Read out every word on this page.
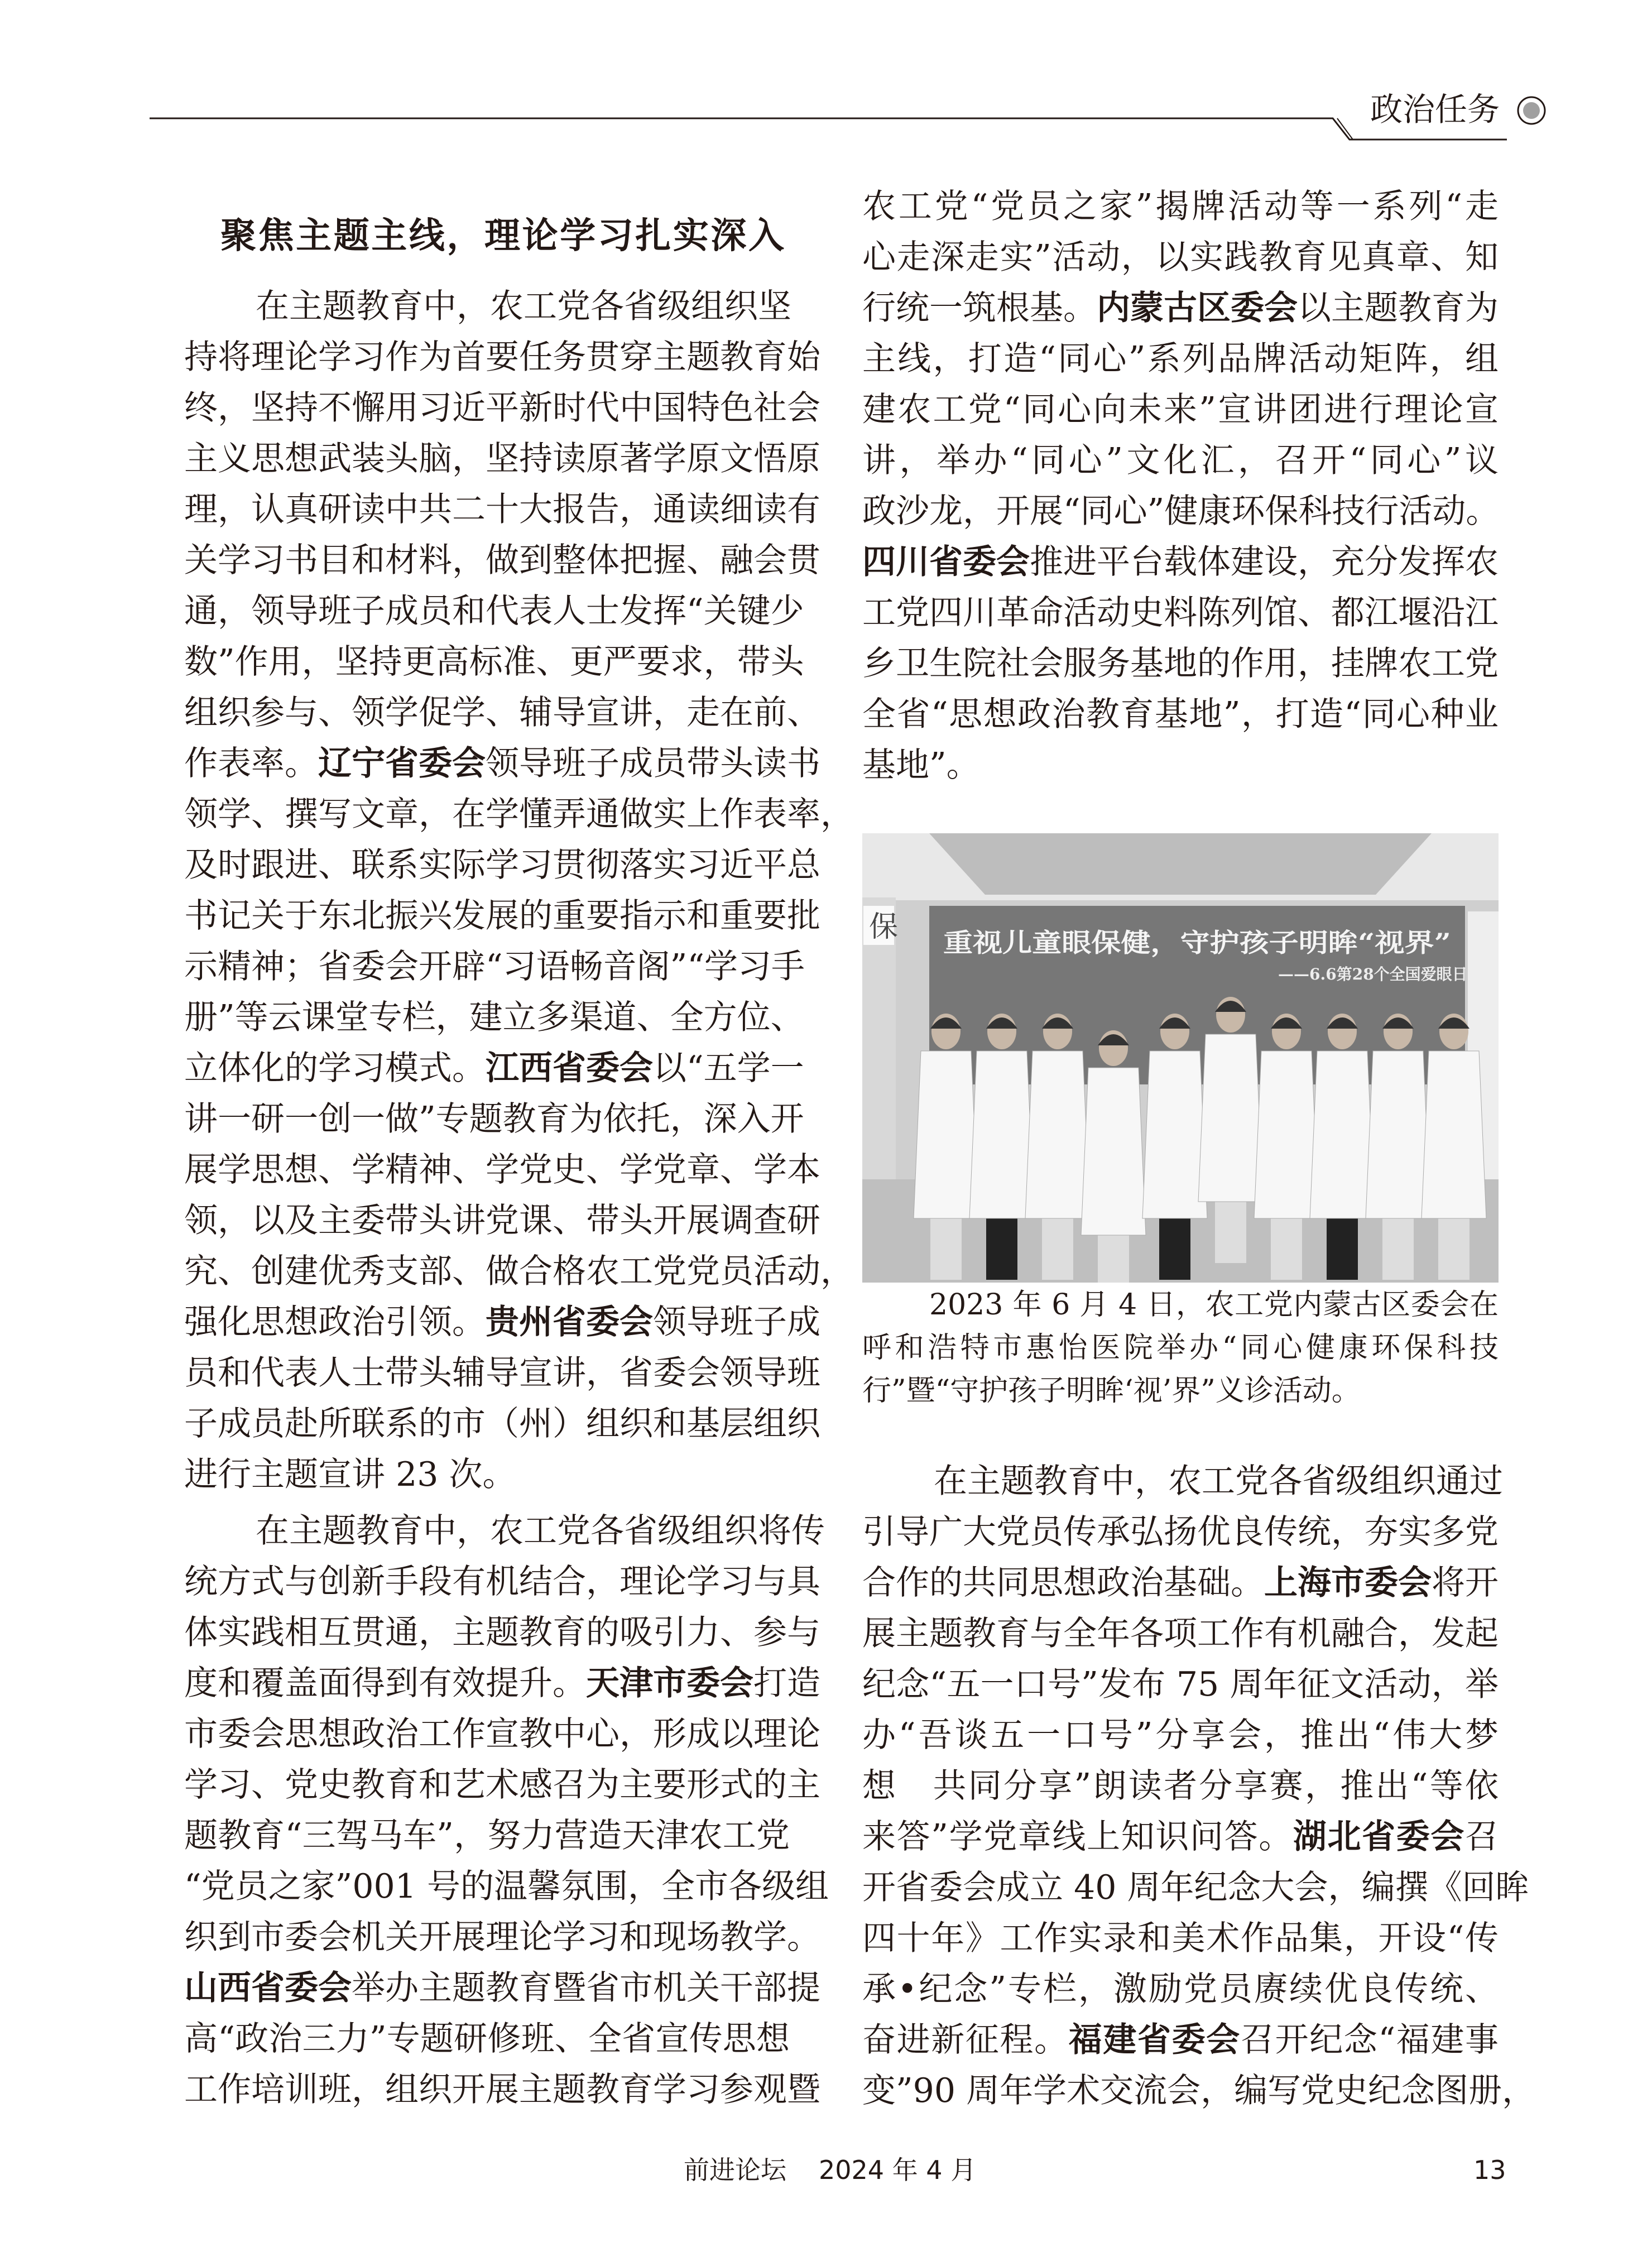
政治任务
聚焦主题主线，理论学习扎实深入
在主题教育中，农工党各省级组织坚
持将理论学习作为首要任务贯穿主题教育始
终，坚持不懈用习近平新时代中国特色社会
主义思想武装头脑，坚持读原著学原文悟原
理，认真研读中共二十大报告，通读细读有
关学习书目和材料，做到整体把握、融会贯
通，领导班子成员和代表人士发挥“关键少
数”作用，坚持更高标准、更严要求，带头
组织参与、领学促学、辅导宣讲，走在前、
作表率。辽宁省委会领导班子成员带头读书
领学、撰写文章，在学懂弄通做实上作表率，
及时跟进、联系实际学习贯彻落实习近平总
书记关于东北振兴发展的重要指示和重要批
示精神；省委会开辟“习语畅音阁”“学习手
册”等云课堂专栏，建立多渠道、全方位、
立体化的学习模式。江西省委会以“五学一
讲一研一创一做”专题教育为依托，深入开
展学思想、学精神、学党史、学党章、学本
领，以及主委带头讲党课、带头开展调查研
究、创建优秀支部、做合格农工党党员活动，
强化思想政治引领。贵州省委会领导班子成
员和代表人士带头辅导宣讲，省委会领导班
子成员赴所联系的市（州）组织和基层组织
进行主题宣讲 23 次。
在主题教育中，农工党各省级组织将传
统方式与创新手段有机结合，理论学习与具
体实践相互贯通，主题教育的吸引力、参与
度和覆盖面得到有效提升。天津市委会打造
市委会思想政治工作宣教中心，形成以理论
学习、党史教育和艺术感召为主要形式的主
题教育“三驾马车”，努力营造天津农工党
“党员之家”001 号的温馨氛围，全市各级组
织到市委会机关开展理论学习和现场教学。
山西省委会举办主题教育暨省市机关干部提
高“政治三力”专题研修班、全省宣传思想
工作培训班，组织开展主题教育学习参观暨
农工党“党员之家”揭牌活动等一系列“走
心走深走实”活动，以实践教育见真章、知
行统一筑根基。内蒙古区委会以主题教育为
主线，打造“同心”系列品牌活动矩阵，组
建农工党“同心向未来”宣讲团进行理论宣
讲，举办“同心”文化汇，召开“同心”议
政沙龙，开展“同心”健康环保科技行活动。
四川省委会推进平台载体建设，充分发挥农
工党四川革命活动史料陈列馆、都江堰沿江
乡卫生院社会服务基地的作用，挂牌农工党
全省“思想政治教育基地”，打造“同心种业
基地”。
在主题教育中，农工党各省级组织通过
引导广大党员传承弘扬优良传统，夯实多党
合作的共同思想政治基础。上海市委会将开
展主题教育与全年各项工作有机融合，发起
纪念“五一口号”发布 75 周年征文活动，举
办“吾谈五一口号”分享会，推出“伟大梦
想　共同分享”朗读者分享赛，推出“等依
来答”学党章线上知识问答。湖北省委会召
开省委会成立 40 周年纪念大会，编撰《回眸
四十年》工作实录和美术作品集，开设“传
承•纪念”专栏，激励党员赓续优良传统、
奋进新征程。福建省委会召开纪念“福建事
变”90 周年学术交流会，编写党史纪念图册，
保 重视儿童眼保健，守护孩子明眸“视界”
——6.6第28个全国爱眼日
2023 年 6 月 4 日，农工党内蒙古区委会在
呼和浩特市惠怡医院举办“同心健康环保科技
行”暨“守护孩子明眸‘视’界”义诊活动。
前进论坛 2024 年 4 月	13
